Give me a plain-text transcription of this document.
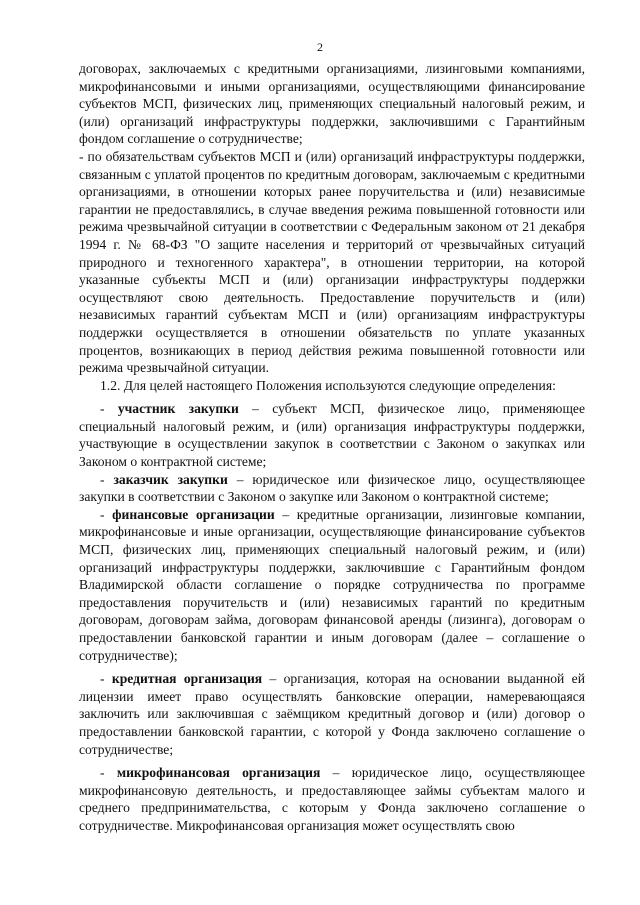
2

договорах, заключаемых с кредитными организациями, лизинговыми компаниями, микрофинансовыми и иными организациями, осуществляющими финансирование субъектов МСП, физических лиц, применяющих специальный налоговый режим, и (или) организаций инфраструктуры поддержки, заключившими с Гарантийным фондом соглашение о сотрудничестве;

- по обязательствам субъектов МСП и (или) организаций инфраструктуры поддержки, связанным с уплатой процентов по кредитным договорам, заключаемым с кредитными организациями, в отношении которых ранее поручительства и (или) независимые гарантии не предоставлялись, в случае введения режима повышенной готовности или режима чрезвычайной ситуации в соответствии с Федеральным законом от 21 декабря 1994 г. № 68-ФЗ "О защите населения и территорий от чрезвычайных ситуаций природного и техногенного характера", в отношении территории, на которой указанные субъекты МСП и (или) организации инфраструктуры поддержки осуществляют свою деятельность. Предоставление поручительств и (или) независимых гарантий субъектам МСП и (или) организациям инфраструктуры поддержки осуществляется в отношении обязательств по уплате указанных процентов, возникающих в период действия режима повышенной готовности или режима чрезвычайной ситуации.

1.2. Для целей настоящего Положения используются следующие определения:

- участник закупки – субъект МСП, физическое лицо, применяющее специальный налоговый режим, и (или) организация инфраструктуры поддержки, участвующие в осуществлении закупок в соответствии с Законом о закупках или Законом о контрактной системе;

- заказчик закупки – юридическое или физическое лицо, осуществляющее закупки в соответствии с Законом о закупке или Законом о контрактной системе;

- финансовые организации – кредитные организации, лизинговые компании, микрофинансовые и иные организации, осуществляющие финансирование субъектов МСП, физических лиц, применяющих специальный налоговый режим, и (или) организаций инфраструктуры поддержки, заключившие с Гарантийным фондом Владимирской области соглашение о порядке сотрудничества по программе предоставления поручительств и (или) независимых гарантий по кредитным договорам, договорам займа, договорам финансовой аренды (лизинга), договорам о предоставлении банковской гарантии и иным договорам (далее – соглашение о сотрудничестве);

- кредитная организация – организация, которая на основании выданной ей лицензии имеет право осуществлять банковские операции, намеревающаяся заключить или заключившая с заёмщиком кредитный договор и (или) договор о предоставлении банковской гарантии, с которой у Фонда заключено соглашение о сотрудничестве;

- микрофинансовая организация – юридическое лицо, осуществляющее микрофинансовую деятельность, и предоставляющее займы субъектам малого и среднего предпринимательства, с которым у Фонда заключено соглашение о сотрудничестве. Микрофинансовая организация может осуществлять свою
